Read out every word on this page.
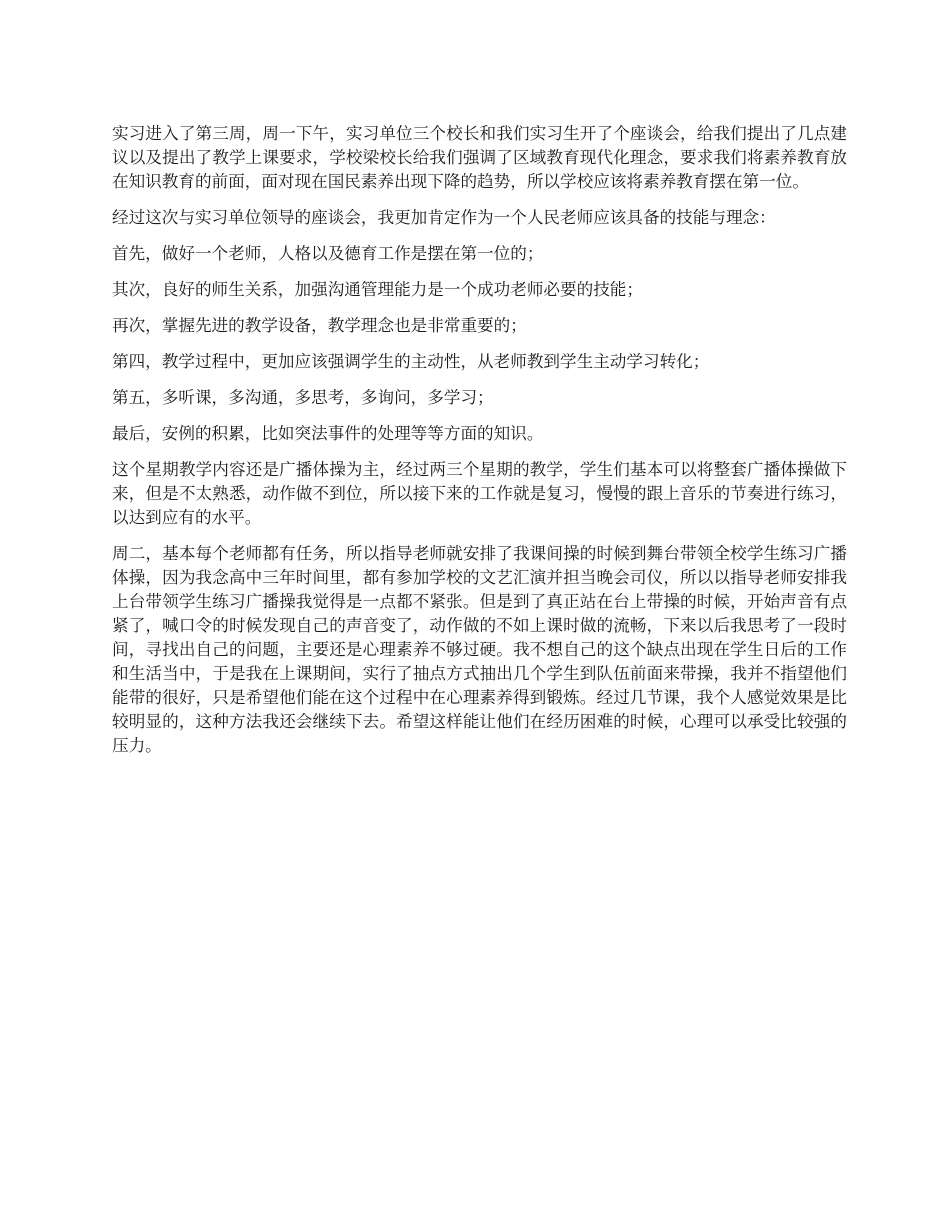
实习进入了第三周，周一下午，实习单位三个校长和我们实习生开了个座谈会，给我们提出了几点建议以及提出了教学上课要求，学校梁校长给我们强调了区域教育现代化理念，要求我们将素养教育放在知识教育的前面，面对现在国民素养出现下降的趋势，所以学校应该将素养教育摆在第一位。

经过这次与实习单位领导的座谈会，我更加肯定作为一个人民老师应该具备的技能与理念：

首先，做好一个老师，人格以及德育工作是摆在第一位的；

其次，良好的师生关系，加强沟通管理能力是一个成功老师必要的技能；

再次，掌握先进的教学设备，教学理念也是非常重要的；

第四，教学过程中，更加应该强调学生的主动性，从老师教到学生主动学习转化；

第五，多听课，多沟通，多思考，多询问，多学习；

最后，安例的积累，比如突法事件的处理等等方面的知识。

这个星期教学内容还是广播体操为主，经过两三个星期的教学，学生们基本可以将整套广播体操做下来，但是不太熟悉，动作做不到位，所以接下来的工作就是复习，慢慢的跟上音乐的节奏进行练习，以达到应有的水平。

周二，基本每个老师都有任务，所以指导老师就安排了我课间操的时候到舞台带领全校学生练习广播体操，因为我念高中三年时间里，都有参加学校的文艺汇演并担当晚会司仪，所以以指导老师安排我上台带领学生练习广播操我觉得是一点都不紧张。但是到了真正站在台上带操的时候，开始声音有点紧了，喊口令的时候发现自己的声音变了，动作做的不如上课时做的流畅，下来以后我思考了一段时间，寻找出自己的问题，主要还是心理素养不够过硬。我不想自己的这个缺点出现在学生日后的工作和生活当中，于是我在上课期间，实行了抽点方式抽出几个学生到队伍前面来带操，我并不指望他们能带的很好，只是希望他们能在这个过程中在心理素养得到锻炼。经过几节课，我个人感觉效果是比较明显的，这种方法我还会继续下去。希望这样能让他们在经历困难的时候，心理可以承受比较强的压力。
